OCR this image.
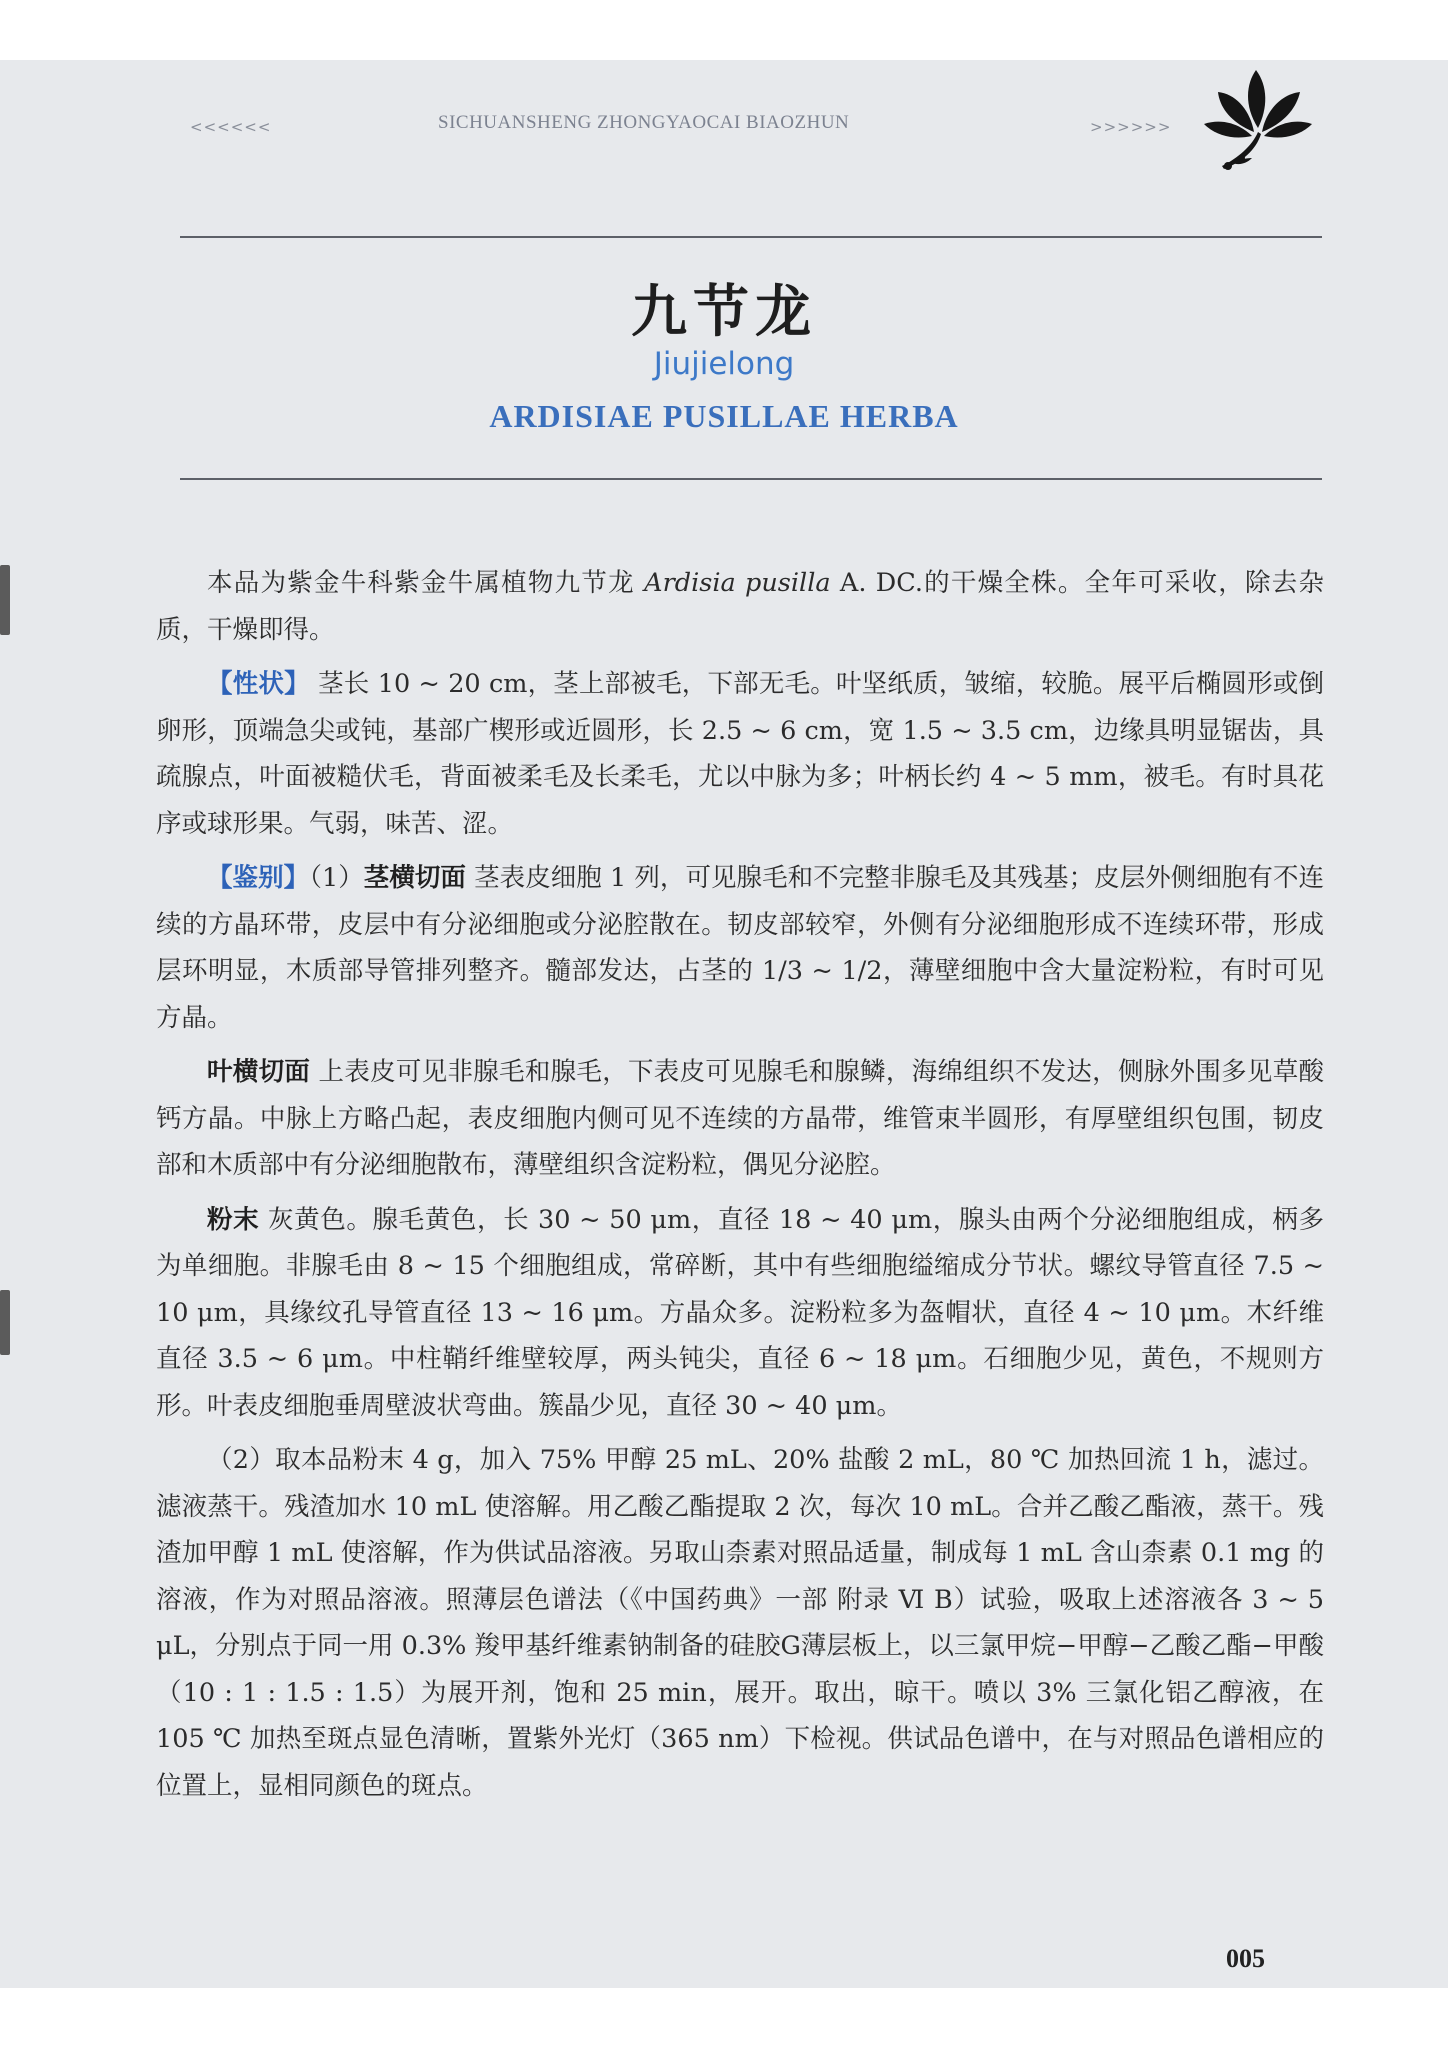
<<<<<<	SICHUANSHENG ZHONGYAOCAI BIAOZHUN	>>>>>>
九节龙
Jiujielong
ARDISIAE PUSILLAE HERBA

本品为紫金牛科紫金牛属植物九节龙 Ardisia pusilla A. DC.的干燥全株。全年可采收，除去杂质，干燥即得。

【性状】 茎长 10 ~ 20 cm，茎上部被毛，下部无毛。叶坚纸质，皱缩，较脆。展平后椭圆形或倒卵形，顶端急尖或钝，基部广楔形或近圆形，长 2.5 ~ 6 cm，宽 1.5 ~ 3.5 cm，边缘具明显锯齿，具疏腺点，叶面被糙伏毛，背面被柔毛及长柔毛，尤以中脉为多；叶柄长约 4 ~ 5 mm，被毛。有时具花序或球形果。气弱，味苦、涩。

【鉴别】（1）茎横切面 茎表皮细胞 1 列，可见腺毛和不完整非腺毛及其残基；皮层外侧细胞有不连续的方晶环带，皮层中有分泌细胞或分泌腔散在。韧皮部较窄，外侧有分泌细胞形成不连续环带，形成层环明显，木质部导管排列整齐。髓部发达，占茎的 1/3 ~ 1/2，薄壁细胞中含大量淀粉粒，有时可见方晶。

叶横切面 上表皮可见非腺毛和腺毛，下表皮可见腺毛和腺鳞，海绵组织不发达，侧脉外围多见草酸钙方晶。中脉上方略凸起，表皮细胞内侧可见不连续的方晶带，维管束半圆形，有厚壁组织包围，韧皮部和木质部中有分泌细胞散布，薄壁组织含淀粉粒，偶见分泌腔。

粉末 灰黄色。腺毛黄色，长 30 ~ 50 μm，直径 18 ~ 40 μm，腺头由两个分泌细胞组成，柄多为单细胞。非腺毛由 8 ~ 15 个细胞组成，常碎断，其中有些细胞缢缩成分节状。螺纹导管直径 7.5 ~ 10 μm，具缘纹孔导管直径 13 ~ 16 μm。方晶众多。淀粉粒多为盔帽状，直径 4 ~ 10 μm。木纤维直径 3.5 ~ 6 μm。中柱鞘纤维壁较厚，两头钝尖，直径 6 ~ 18 μm。石细胞少见，黄色，不规则方形。叶表皮细胞垂周壁波状弯曲。簇晶少见，直径 30 ~ 40 μm。

（2）取本品粉末 4 g，加入 75% 甲醇 25 mL、20% 盐酸 2 mL，80 ℃ 加热回流 1 h，滤过。滤液蒸干。残渣加水 10 mL 使溶解。用乙酸乙酯提取 2 次，每次 10 mL。合并乙酸乙酯液，蒸干。残渣加甲醇 1 mL 使溶解，作为供试品溶液。另取山柰素对照品适量，制成每 1 mL 含山柰素 0.1 mg 的溶液，作为对照品溶液。照薄层色谱法（《中国药典》一部 附录 Ⅵ B）试验，吸取上述溶液各 3 ~ 5 μL，分别点于同一用 0.3% 羧甲基纤维素钠制备的硅胶G薄层板上，以三氯甲烷−甲醇−乙酸乙酯−甲酸（10 : 1 : 1.5 : 1.5）为展开剂，饱和 25 min，展开。取出，晾干。喷以 3% 三氯化铝乙醇液，在 105 ℃ 加热至斑点显色清晰，置紫外光灯（365 nm）下检视。供试品色谱中，在与对照品色谱相应的位置上，显相同颜色的斑点。

005
